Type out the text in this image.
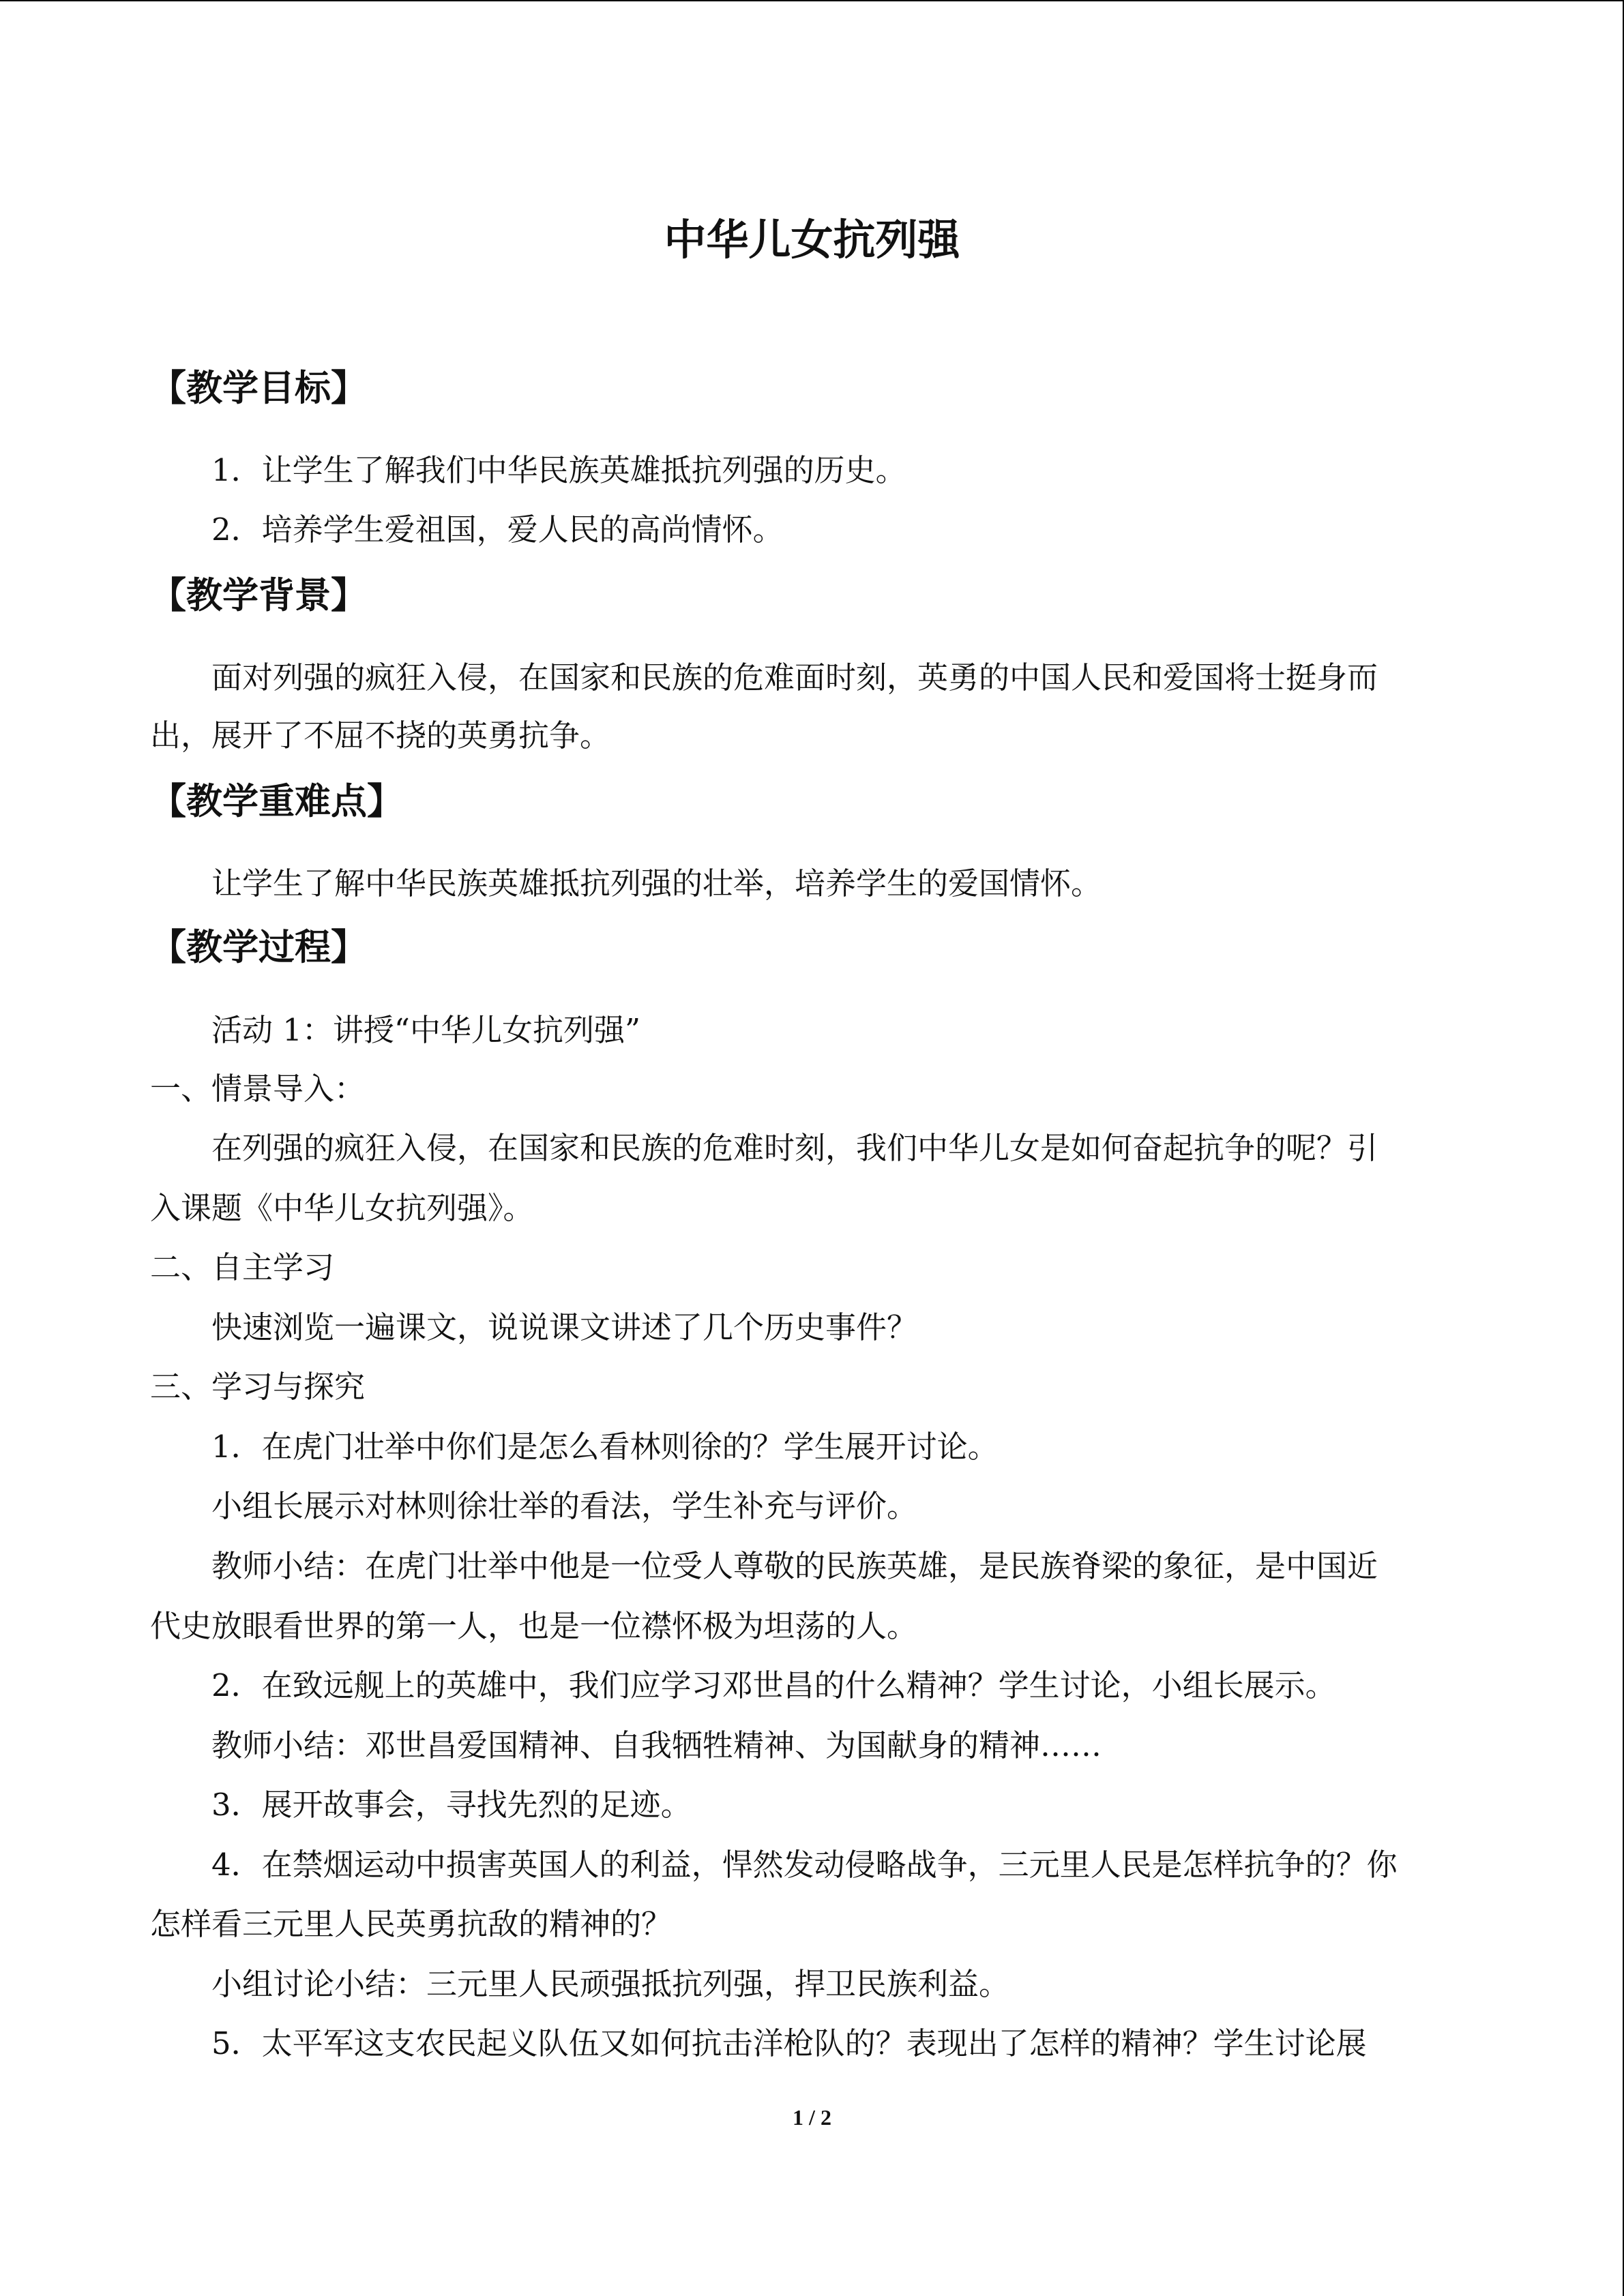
中华儿女抗列强
【教学目标】
1．让学生了解我们中华民族英雄抵抗列强的历史。
2．培养学生爱祖国，爱人民的高尚情怀。
【教学背景】
面对列强的疯狂入侵，在国家和民族的危难面时刻，英勇的中国人民和爱国将士挺身而
出，展开了不屈不挠的英勇抗争。
【教学重难点】
让学生了解中华民族英雄抵抗列强的壮举，培养学生的爱国情怀。
【教学过程】
活动 1：讲授“中华儿女抗列强”
一、情景导入：
在列强的疯狂入侵，在国家和民族的危难时刻，我们中华儿女是如何奋起抗争的呢？引
入课题《中华儿女抗列强》。
二、自主学习
快速浏览一遍课文，说说课文讲述了几个历史事件？
三、学习与探究
1．在虎门壮举中你们是怎么看林则徐的？学生展开讨论。
小组长展示对林则徐壮举的看法，学生补充与评价。
教师小结：在虎门壮举中他是一位受人尊敬的民族英雄，是民族脊梁的象征，是中国近
代史放眼看世界的第一人，也是一位襟怀极为坦荡的人。
2．在致远舰上的英雄中，我们应学习邓世昌的什么精神？学生讨论，小组长展示。
教师小结：邓世昌爱国精神、自我牺牲精神、为国献身的精神……
3．展开故事会，寻找先烈的足迹。
4．在禁烟运动中损害英国人的利益，悍然发动侵略战争，三元里人民是怎样抗争的？你
怎样看三元里人民英勇抗敌的精神的？
小组讨论小结：三元里人民顽强抵抗列强，捍卫民族利益。
5．太平军这支农民起义队伍又如何抗击洋枪队的？表现出了怎样的精神？学生讨论展
1 / 2
